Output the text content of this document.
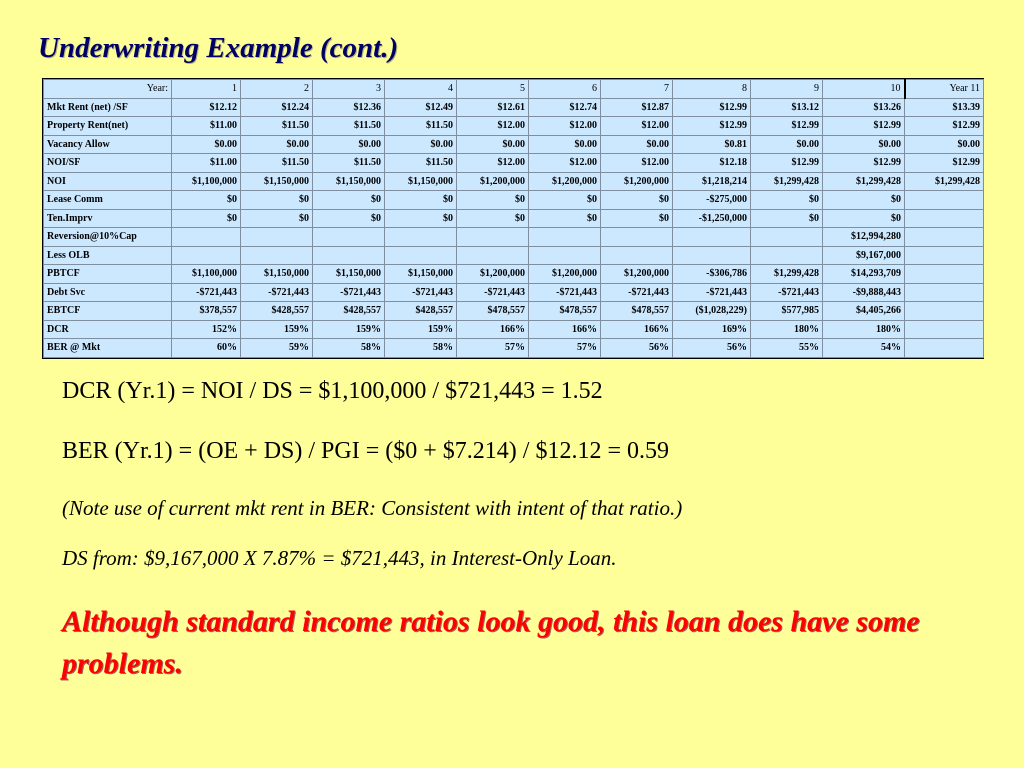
Underwriting Example (cont.)
Year:	1	2	3	4	5	6	7	8	9	10	Year 11
Mkt Rent (net) /SF	$12.12	$12.24	$12.36	$12.49	$12.61	$12.74	$12.87	$12.99	$13.12	$13.26	$13.39
Property Rent(net)	$11.00	$11.50	$11.50	$11.50	$12.00	$12.00	$12.00	$12.99	$12.99	$12.99	$12.99
Vacancy Allow	$0.00	$0.00	$0.00	$0.00	$0.00	$0.00	$0.00	$0.81	$0.00	$0.00	$0.00
NOI/SF	$11.00	$11.50	$11.50	$11.50	$12.00	$12.00	$12.00	$12.18	$12.99	$12.99	$12.99
NOI	$1,100,000	$1,150,000	$1,150,000	$1,150,000	$1,200,000	$1,200,000	$1,200,000	$1,218,214	$1,299,428	$1,299,428	$1,299,428
Lease Comm	$0	$0	$0	$0	$0	$0	$0	-$275,000	$0	$0	
Ten.Imprv	$0	$0	$0	$0	$0	$0	$0	-$1,250,000	$0	$0	
Reversion@10%Cap										$12,994,280	
Less OLB										$9,167,000	
PBTCF	$1,100,000	$1,150,000	$1,150,000	$1,150,000	$1,200,000	$1,200,000	$1,200,000	-$306,786	$1,299,428	$14,293,709	
Debt Svc	-$721,443	-$721,443	-$721,443	-$721,443	-$721,443	-$721,443	-$721,443	-$721,443	-$721,443	-$9,888,443	
EBTCF	$378,557	$428,557	$428,557	$428,557	$478,557	$478,557	$478,557	($1,028,229)	$577,985	$4,405,266	
DCR	152%	159%	159%	159%	166%	166%	166%	169%	180%	180%	
BER @ Mkt	60%	59%	58%	58%	57%	57%	56%	56%	55%	54%	
DCR (Yr.1) = NOI / DS = $1,100,000 / $721,443 = 1.52
BER (Yr.1) = (OE + DS) / PGI = ($0 + $7.214) / $12.12 = 0.59
(Note use of current mkt rent in BER: Consistent with intent of that ratio.)
DS from: $9,167,000 X 7.87% = $721,443, in Interest-Only Loan.
Although standard income ratios look good, this loan does have some problems.
